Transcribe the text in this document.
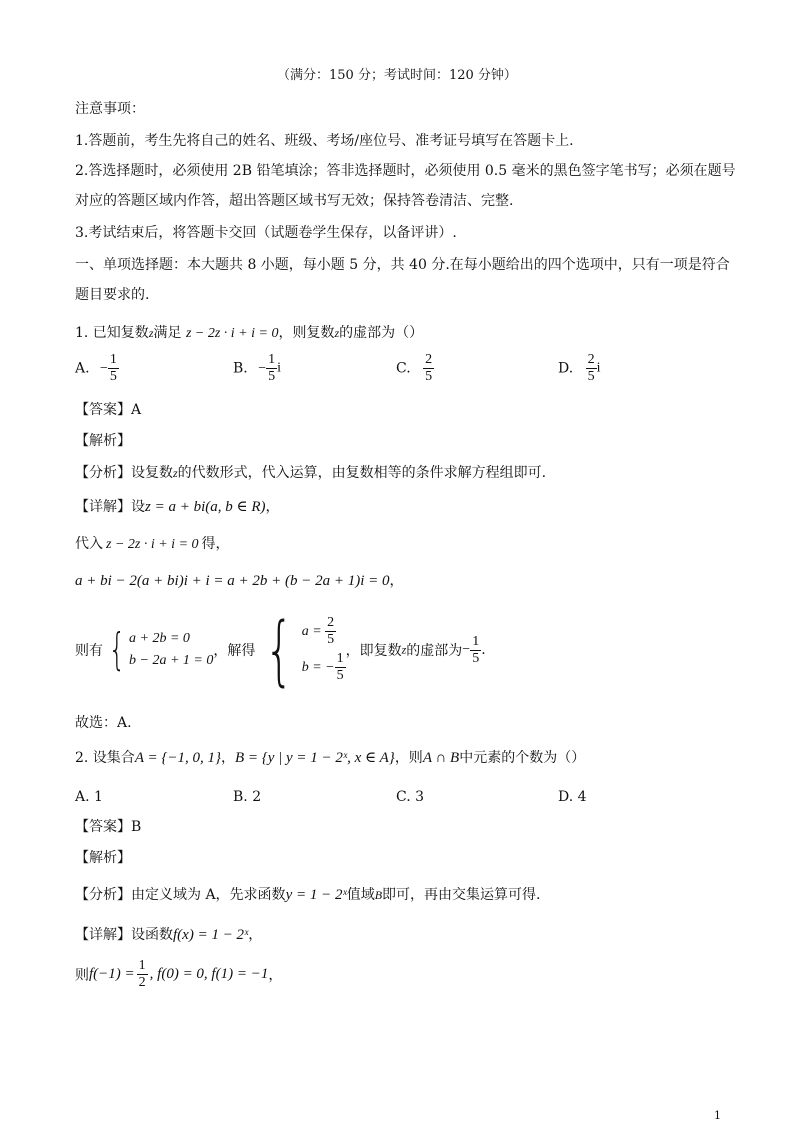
（满分：150 分；考试时间：120 分钟）
注意事项：
1.答题前，考生先将自己的姓名、班级、考场/座位号、准考证号填写在答题卡上.
2.答选择题时，必须使用 2B 铅笔填涂；答非选择题时，必须使用 0.5 毫米的黑色签字笔书写；必须在题号
对应的答题区域内作答，超出答题区域书写无效；保持答卷清洁、完整.
3.考试结束后，将答题卡交回（试题卷学生保存，以备评讲）.
一、单项选择题：本大题共 8 小题，每小题 5 分，共 40 分.在每小题给出的四个选项中，只有一项是符合
题目要求的.
1. 已知复数z满足 z − 2z · i + i = 0，则复数z的虚部为（）
A. − $\frac{1}{5}$	B. − $\frac{1}{5}$ i	C. $\frac{2}{5}$	D. $\frac{2}{5}$ i
【答案】A
【解析】
【分析】设复数z的代数形式，代入运算，由复数相等的条件求解方程组即可.
【详解】设z = a + bi(a, b ∈ R)，
代入 z − 2z · i + i = 0 得，
a + bi − 2(a + bi)i + i = a + 2b + (b − 2a + 1)i = 0，
则有 { a + 2b = 0
b − 2a + 1 = 0
，解得 { $a = \frac{2}{5}$
b = − $\frac{1}{5}$
，即复数z的虚部为− $\frac{1}{5}$ .
故选：A.
2. 设集合A = {−1, 0, 1}，B = {y | y = 1 − 2ˣ, x ∈ A}，则A ∩ B中元素的个数为（）
A. 1	B. 2	C. 3	D. 4
【答案】B
【解析】
【分析】由定义域为 A，先求函数y = 1 − 2ˣ值域B即可，再由交集运算可得.
【详解】设函数f(x) = 1 − 2ˣ，
则$f(-1) = \frac{1}{2}$ , f(0) = 0, f(1) = −1，
1
